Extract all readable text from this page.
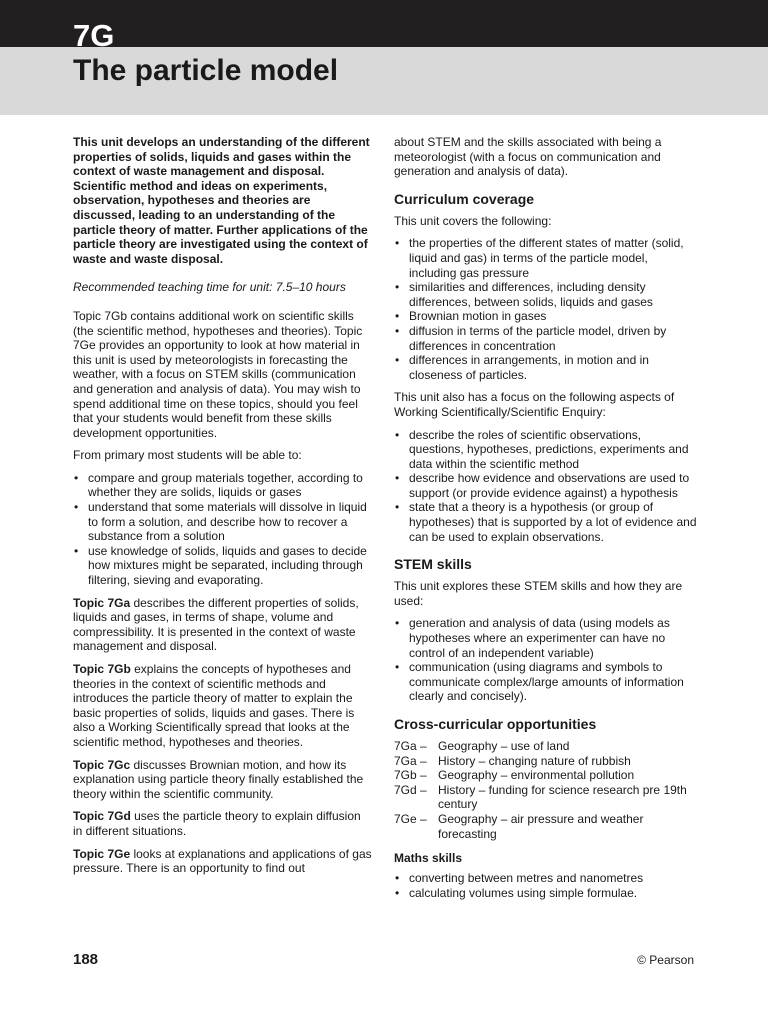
7G
The particle model

This unit develops an understanding of the different properties of solids, liquids and gases within the context of waste management and disposal. Scientific method and ideas on experiments, observation, hypotheses and theories are discussed, leading to an understanding of the particle theory of matter. Further applications of the particle theory are investigated using the context of waste and waste disposal.

Recommended teaching time for unit: 7.5–10 hours

Topic 7Gb contains additional work on scientific skills (the scientific method, hypotheses and theories). Topic 7Ge provides an opportunity to look at how material in this unit is used by meteorologists in forecasting the weather, with a focus on STEM skills (communication and generation and analysis of data). You may wish to spend additional time on these topics, should you feel that your students would benefit from these skills development opportunities.

From primary most students will be able to:

• compare and group materials together, according to whether they are solids, liquids or gases
• understand that some materials will dissolve in liquid to form a solution, and describe how to recover a substance from a solution
• use knowledge of solids, liquids and gases to decide how mixtures might be separated, including through filtering, sieving and evaporating.

Topic 7Ga describes the different properties of solids, liquids and gases, in terms of shape, volume and compressibility. It is presented in the context of waste management and disposal.

Topic 7Gb explains the concepts of hypotheses and theories in the context of scientific methods and introduces the particle theory of matter to explain the basic properties of solids, liquids and gases. There is also a Working Scientifically spread that looks at the scientific method, hypotheses and theories.

Topic 7Gc discusses Brownian motion, and how its explanation using particle theory finally established the theory within the scientific community.

Topic 7Gd uses the particle theory to explain diffusion in different situations.

Topic 7Ge looks at explanations and applications of gas pressure. There is an opportunity to find out

about STEM and the skills associated with being a meteorologist (with a focus on communication and generation and analysis of data).

Curriculum coverage

This unit covers the following:

• the properties of the different states of matter (solid, liquid and gas) in terms of the particle model, including gas pressure
• similarities and differences, including density differences, between solids, liquids and gases
• Brownian motion in gases
• diffusion in terms of the particle model, driven by differences in concentration
• differences in arrangements, in motion and in closeness of particles.

This unit also has a focus on the following aspects of Working Scientifically/Scientific Enquiry:

• describe the roles of scientific observations, questions, hypotheses, predictions, experiments and data within the scientific method
• describe how evidence and observations are used to support (or provide evidence against) a hypothesis
• state that a theory is a hypothesis (or group of hypotheses) that is supported by a lot of evidence and can be used to explain observations.
STEM skills

This unit explores these STEM skills and how they are used:

• generation and analysis of data (using models as hypotheses where an experimenter can have no control of an independent variable)
• communication (using diagrams and symbols to communicate complex/large amounts of information clearly and concisely).
Cross-curricular opportunities
7Ga – Geography – use of land
7Ga – History – changing nature of rubbish
7Gb – Geography – environmental pollution
7Gd – History – funding for science research pre 19th century
7Ge – Geography – air pressure and weather forecasting
Maths skills
• converting between metres and nanometres
• calculating volumes using simple formulae.

188	© Pearson
